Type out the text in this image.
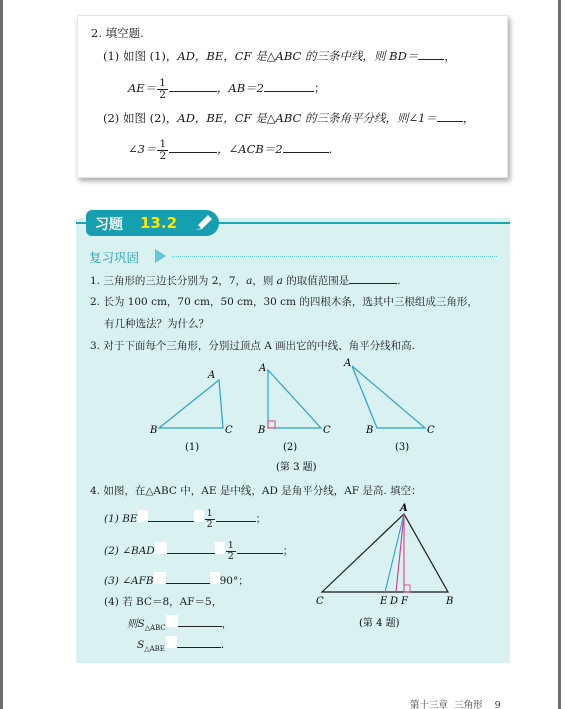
2. 填空题.
(1) 如图 (1)，AD，BE，CF 是△ABC 的三条中线，则 BD＝ ，
$AE= \frac{1}{2}$	，AB＝2	；
(2) 如图 (2)，AD，BE，CF 是△ABC 的三条角平分线，则∠1＝ ，
∠3＝ $\frac{1}{2}$	，∠ACB＝2	.
习题 13.2
复习巩固
1. 三角形的三边长分别为 2，7，a，则 a 的取值范围是	.
2. 长为 100 cm，70 cm，50 cm，30 cm 的四根木条，选其中三根组成三角形，
有几种选法？为什么？
3. 对于下面每个三角形，分别过顶点 A 画出它的中线、角平分线和高.
A
B	C
(1)
A
B	C
(2)
A
B	C
(3)
(第 3 题)
4. 如图，在△ABC 中，AE 是中线，AD 是角平分线，AF 是高. 填空：
(1) BE	$\frac{1}{2}$	；
(2) ∠BAD	$\frac{1}{2}$	；
(3) ∠AFB	90°；
(4) 若 BC＝8，AF＝5，
则$S_{\triangle ABC}$	，
$S_{\triangle ABE}$	.
A
C	E D F	B
(第 4 题)
第十三章 三角形 9
